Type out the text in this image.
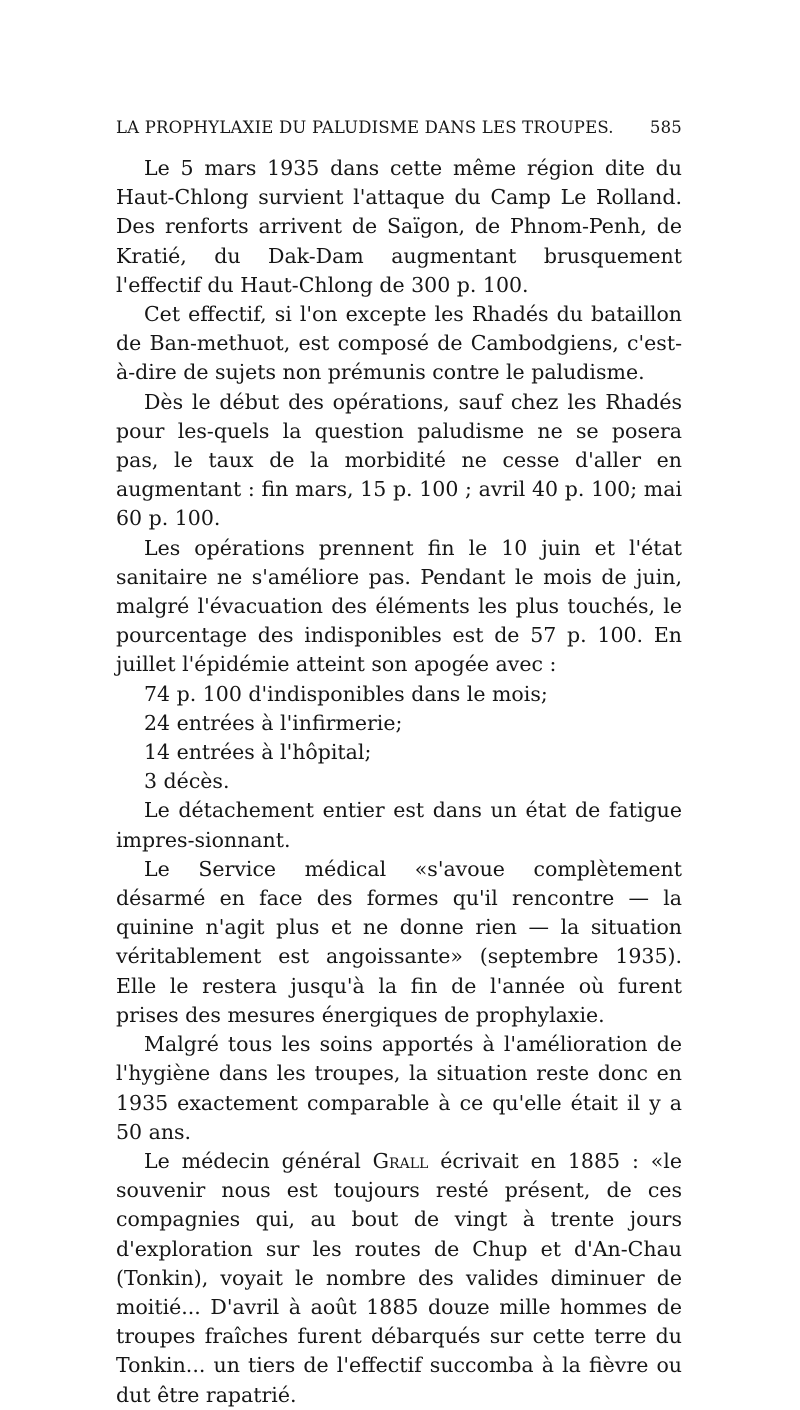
LA PROPHYLAXIE DU PALUDISME DANS LES TROUPES. 585

Le 5 mars 1935 dans cette même région dite du Haut-Chlong survient l'attaque du Camp Le Rolland. Des renforts arrivent de Saïgon, de Phnom-Penh, de Kratié, du Dak-Dam augmentant brusquement l'effectif du Haut-Chlong de 300 p. 100.

Cet effectif, si l'on excepte les Rhadés du bataillon de Ban-methuot, est composé de Cambodgiens, c'est-à-dire de sujets non prémunis contre le paludisme.

Dès le début des opérations, sauf chez les Rhadés pour les-quels la question paludisme ne se posera pas, le taux de la morbidité ne cesse d'aller en augmentant : fin mars, 15 p. 100 ; avril 40 p. 100; mai 60 p. 100.

Les opérations prennent fin le 10 juin et l'état sanitaire ne s'améliore pas. Pendant le mois de juin, malgré l'évacuation des éléments les plus touchés, le pourcentage des indisponibles est de 57 p. 100. En juillet l'épidémie atteint son apogée avec :

74 p. 100 d'indisponibles dans le mois;

24 entrées à l'infirmerie;

14 entrées à l'hôpital;

3 décès.

Le détachement entier est dans un état de fatigue impres-sionnant.

Le Service médical «s'avoue complètement désarmé en face des formes qu'il rencontre — la quinine n'agit plus et ne donne rien — la situation véritablement est angoissante» (septembre 1935). Elle le restera jusqu'à la fin de l'année où furent prises des mesures énergiques de prophylaxie.

Malgré tous les soins apportés à l'amélioration de l'hygiène dans les troupes, la situation reste donc en 1935 exactement comparable à ce qu'elle était il y a 50 ans.

Le médecin général Grall écrivait en 1885 : «le souvenir nous est toujours resté présent, de ces compagnies qui, au bout de vingt à trente jours d'exploration sur les routes de Chup et d'An-Chau (Tonkin), voyait le nombre des valides diminuer de moitié... D'avril à août 1885 douze mille hommes de troupes fraîches furent débarqués sur cette terre du Tonkin... un tiers de l'effectif succomba à la fièvre ou dut être rapatrié.
